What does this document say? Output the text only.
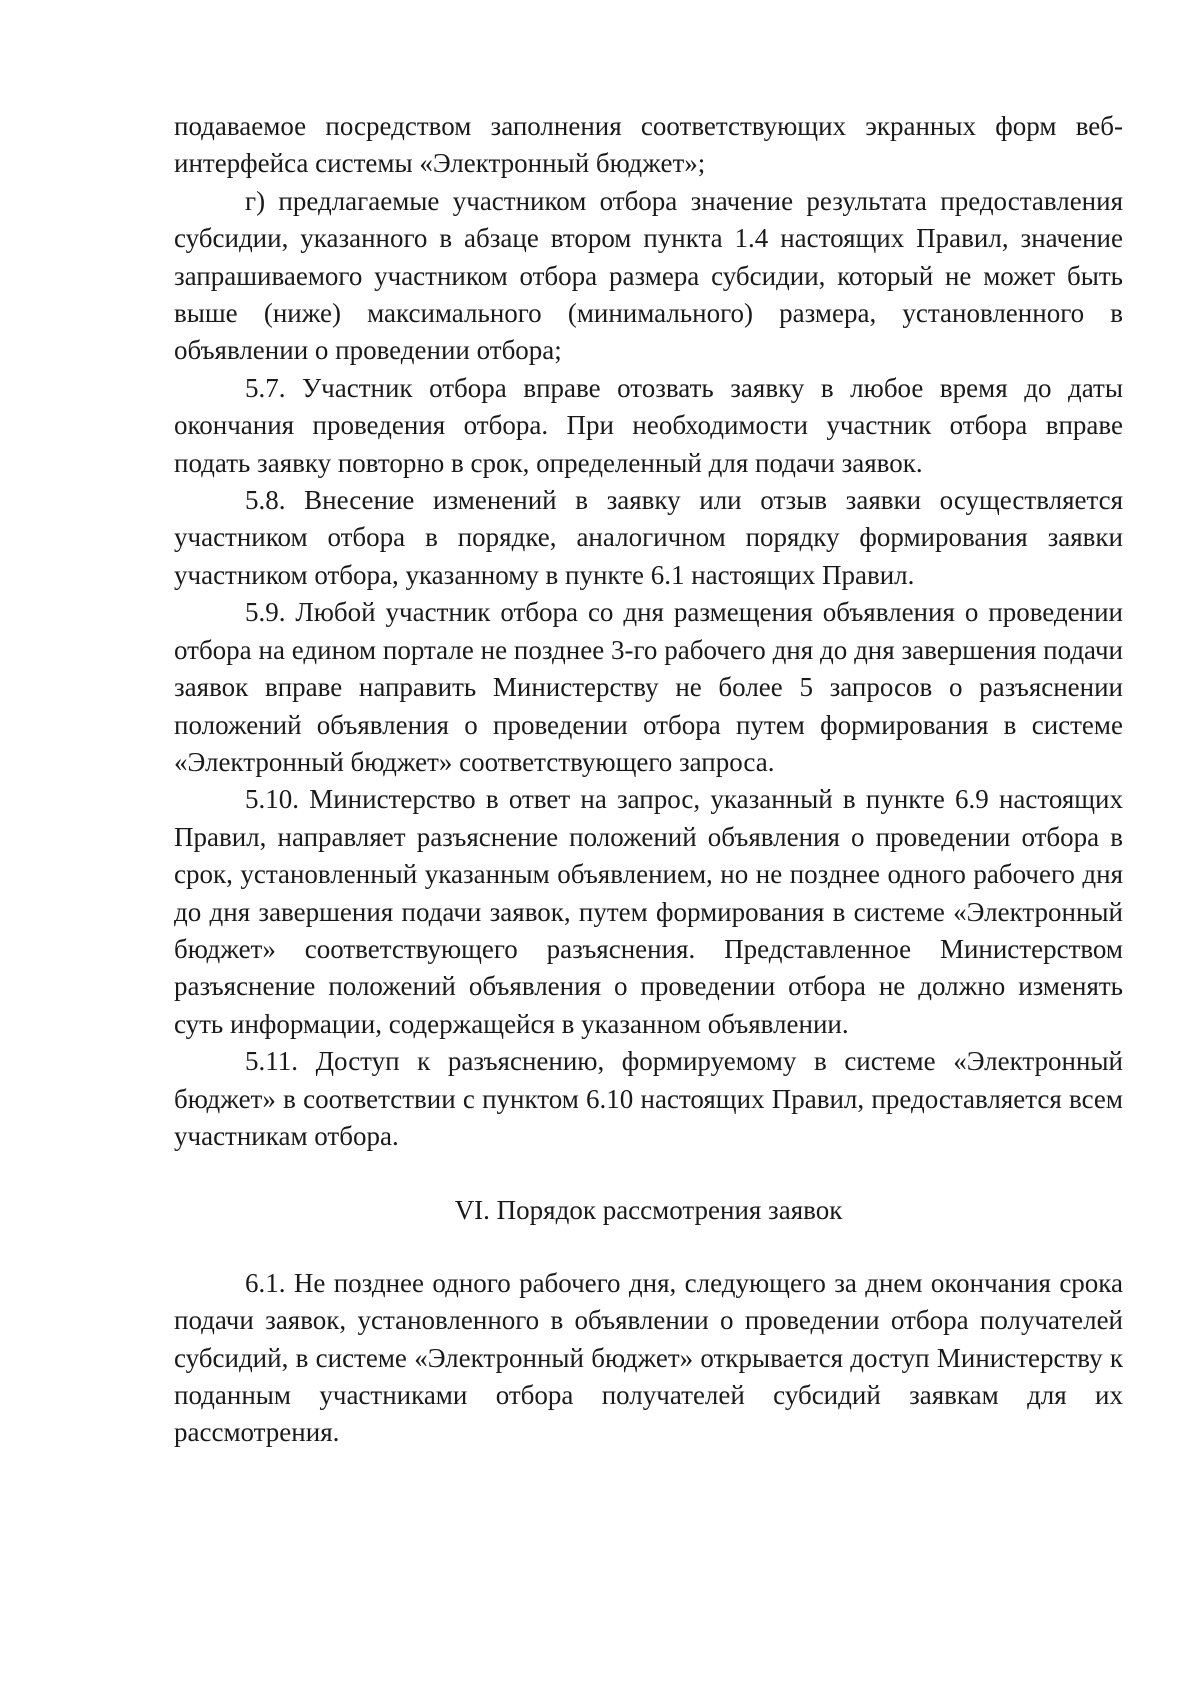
подаваемое посредством заполнения соответствующих экранных форм веб-интерфейса системы «Электронный бюджет»;

г) предлагаемые участником отбора значение результата предоставления субсидии, указанного в абзаце втором пункта 1.4 настоящих Правил, значение запрашиваемого участником отбора размера субсидии, который не может быть выше (ниже) максимального (минимального) размера, установленного в объявлении о проведении отбора;

5.7. Участник отбора вправе отозвать заявку в любое время до даты окончания проведения отбора. При необходимости участник отбора вправе подать заявку повторно в срок, определенный для подачи заявок.

5.8. Внесение изменений в заявку или отзыв заявки осуществляется участником отбора в порядке, аналогичном порядку формирования заявки участником отбора, указанному в пункте 6.1 настоящих Правил.

5.9. Любой участник отбора со дня размещения объявления о проведении отбора на едином портале не позднее 3-го рабочего дня до дня завершения подачи заявок вправе направить Министерству не более 5 запросов о разъяснении положений объявления о проведении отбора путем формирования в системе «Электронный бюджет» соответствующего запроса.

5.10. Министерство в ответ на запрос, указанный в пункте 6.9 настоящих Правил, направляет разъяснение положений объявления о проведении отбора в срок, установленный указанным объявлением, но не позднее одного рабочего дня до дня завершения подачи заявок, путем формирования в системе «Электронный бюджет» соответствующего разъяснения. Представленное Министерством разъяснение положений объявления о проведении отбора не должно изменять суть информации, содержащейся в указанном объявлении.

5.11. Доступ к разъяснению, формируемому в системе «Электронный бюджет» в соответствии с пунктом 6.10 настоящих Правил, предоставляется всем участникам отбора.

VI. Порядок рассмотрения заявок

6.1. Не позднее одного рабочего дня, следующего за днем окончания срока подачи заявок, установленного в объявлении о проведении отбора получателей субсидий, в системе «Электронный бюджет» открывается доступ Министерству к поданным участниками отбора получателей субсидий заявкам для их рассмотрения.
